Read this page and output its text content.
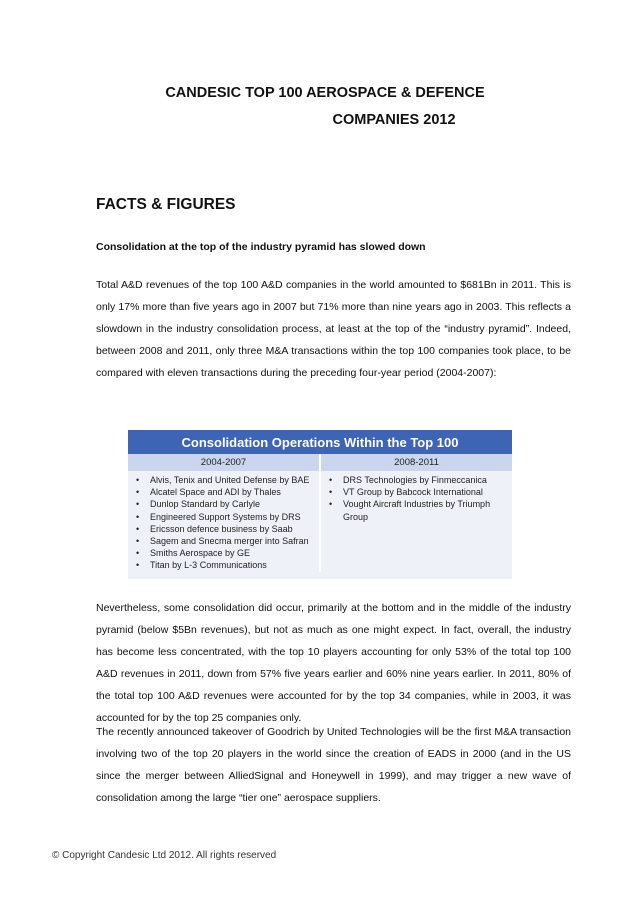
CANDESIC TOP 100 AEROSPACE & DEFENCE
COMPANIES 2012
FACTS & FIGURES
Consolidation at the top of the industry pyramid has slowed down

Total A&D revenues of the top 100 A&D companies in the world amounted to $681Bn in 2011. This is only 17% more than five years ago in 2007 but 71% more than nine years ago in 2003. This reflects a slowdown in the industry consolidation process, at least at the top of the “industry pyramid”. Indeed, between 2008 and 2011, only three M&A transactions within the top 100 companies took place, to be compared with eleven transactions during the preceding four-year period (2004-2007):

Consolidation Operations Within the Top 100
2004-2007
• Alvis, Tenix and United Defense by BAE
• Alcatel Space and ADI by Thales
• Dunlop Standard by Carlyle
• Engineered Support Systems by DRS
• Ericsson defence business by Saab
• Sagem and Snecma merger into Safran
• Smiths Aerospace by GE
• Titan by L-3 Communications
2008-2011
• DRS Technologies by Finmeccanica
• VT Group by Babcock International
• Vought Aircraft Industries by Triumph Group

Nevertheless, some consolidation did occur, primarily at the bottom and in the middle of the industry pyramid (below $5Bn revenues), but not as much as one might expect. In fact, overall, the industry has become less concentrated, with the top 10 players accounting for only 53% of the total top 100 A&D revenues in 2011, down from 57% five years earlier and 60% nine years earlier. In 2011, 80% of the total top 100 A&D revenues were accounted for by the top 34 companies, while in 2003, it was accounted for by the top 25 companies only.

The recently announced takeover of Goodrich by United Technologies will be the first M&A transaction involving two of the top 20 players in the world since the creation of EADS in 2000 (and in the US since the merger between AlliedSignal and Honeywell in 1999), and may trigger a new wave of consolidation among the large “tier one” aerospace suppliers.

© Copyright Candesic Ltd 2012. All rights reserved
